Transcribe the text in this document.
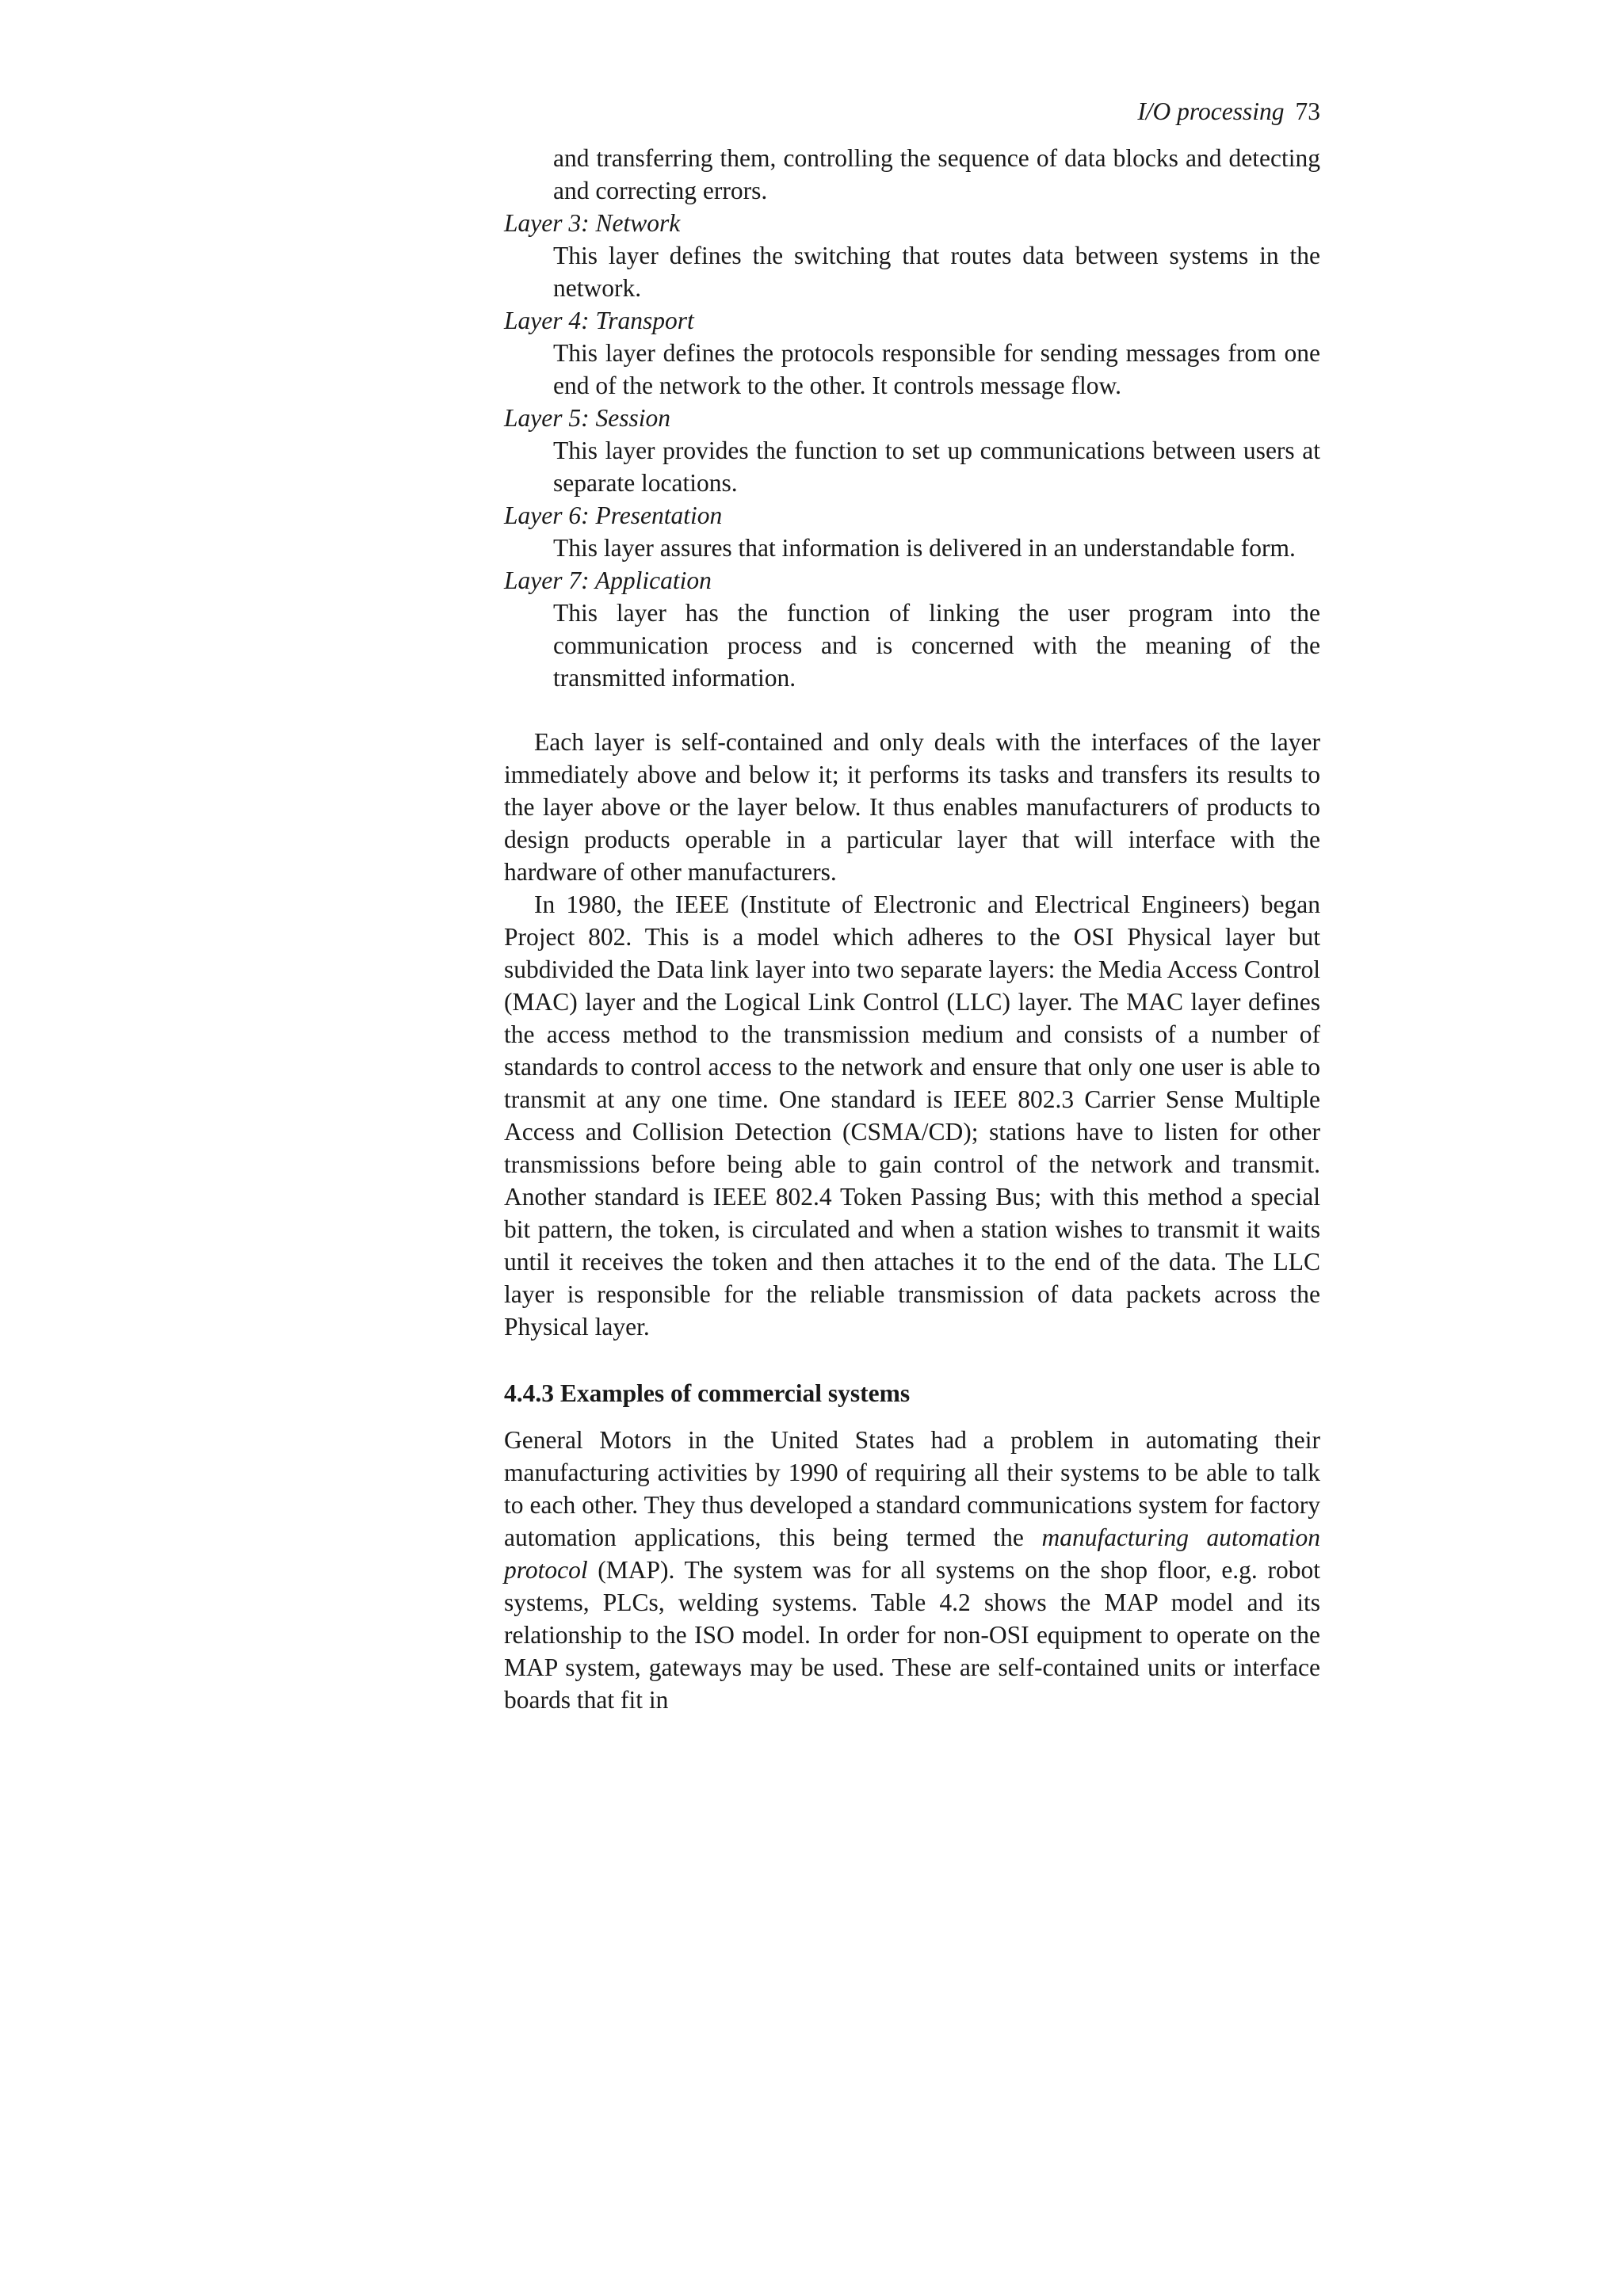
I/O processing 73

and transferring them, controlling the sequence of data blocks and detecting and correcting errors.

Layer 3: Network

This layer defines the switching that routes data between systems in the network.

Layer 4: Transport

This layer defines the protocols responsible for sending messages from one end of the network to the other. It controls message flow.

Layer 5: Session

This layer provides the function to set up communications between users at separate locations.

Layer 6: Presentation

This layer assures that information is delivered in an understandable form.

Layer 7: Application

This layer has the function of linking the user program into the communication process and is concerned with the meaning of the transmitted information.

Each layer is self-contained and only deals with the interfaces of the layer immediately above and below it; it performs its tasks and transfers its results to the layer above or the layer below. It thus enables manufacturers of products to design products operable in a particular layer that will interface with the hardware of other manufacturers.

In 1980, the IEEE (Institute of Electronic and Electrical Engineers) began Project 802. This is a model which adheres to the OSI Physical layer but subdivided the Data link layer into two separate layers: the Media Access Control (MAC) layer and the Logical Link Control (LLC) layer. The MAC layer defines the access method to the transmission medium and consists of a number of standards to control access to the network and ensure that only one user is able to transmit at any one time. One standard is IEEE 802.3 Carrier Sense Multiple Access and Collision Detection (CSMA/CD); stations have to listen for other transmissions before being able to gain control of the network and transmit. Another standard is IEEE 802.4 Token Passing Bus; with this method a special bit pattern, the token, is circulated and when a station wishes to transmit it waits until it receives the token and then attaches it to the end of the data. The LLC layer is responsible for the reliable transmission of data packets across the Physical layer.

4.4.3 Examples of commercial systems

General Motors in the United States had a problem in automating their manufacturing activities by 1990 of requiring all their systems to be able to talk to each other. They thus developed a standard communications system for factory automation applications, this being termed the manufacturing automation protocol (MAP). The system was for all systems on the shop floor, e.g. robot systems, PLCs, welding systems. Table 4.2 shows the MAP model and its relationship to the ISO model. In order for non-OSI equipment to operate on the MAP system, gateways may be used. These are self-contained units or interface boards that fit in
